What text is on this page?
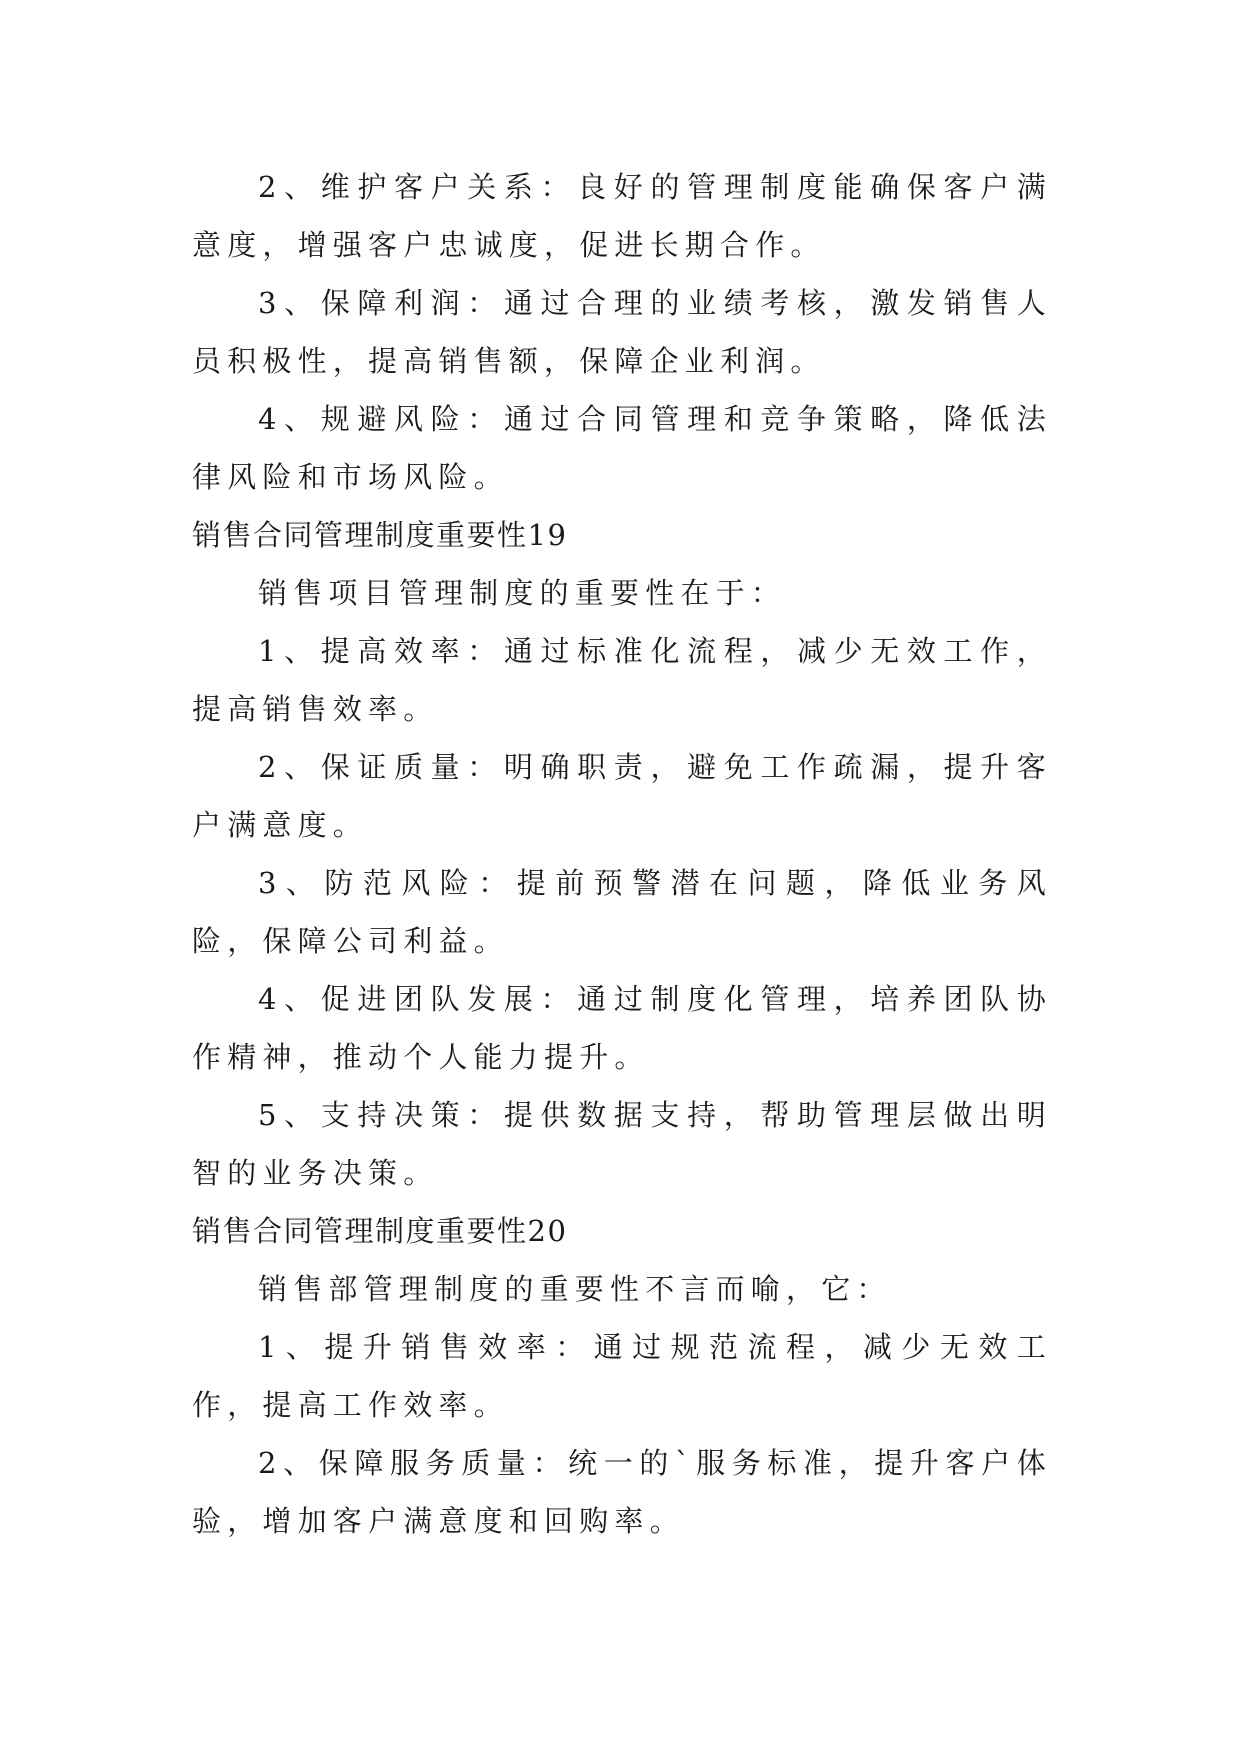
2、维护客户关系：良好的管理制度能确保客户满意度，增强客户忠诚度，促进长期合作。

3、保障利润：通过合理的业绩考核，激发销售人员积极性，提高销售额，保障企业利润。

4、规避风险：通过合同管理和竞争策略，降低法律风险和市场风险。

销售合同管理制度重要性19

销售项目管理制度的重要性在于：

1、提高效率：通过标准化流程，减少无效工作，提高销售效率。

2、保证质量：明确职责，避免工作疏漏，提升客户满意度。

3、防范风险：提前预警潜在问题，降低业务风险，保障公司利益。

4、促进团队发展：通过制度化管理，培养团队协作精神，推动个人能力提升。

5、支持决策：提供数据支持，帮助管理层做出明智的业务决策。

销售合同管理制度重要性20

销售部管理制度的重要性不言而喻，它：

1、提升销售效率：通过规范流程，减少无效工作，提高工作效率。

2、保障服务质量：统一的`服务标准，提升客户体验，增加客户满意度和回购率。
